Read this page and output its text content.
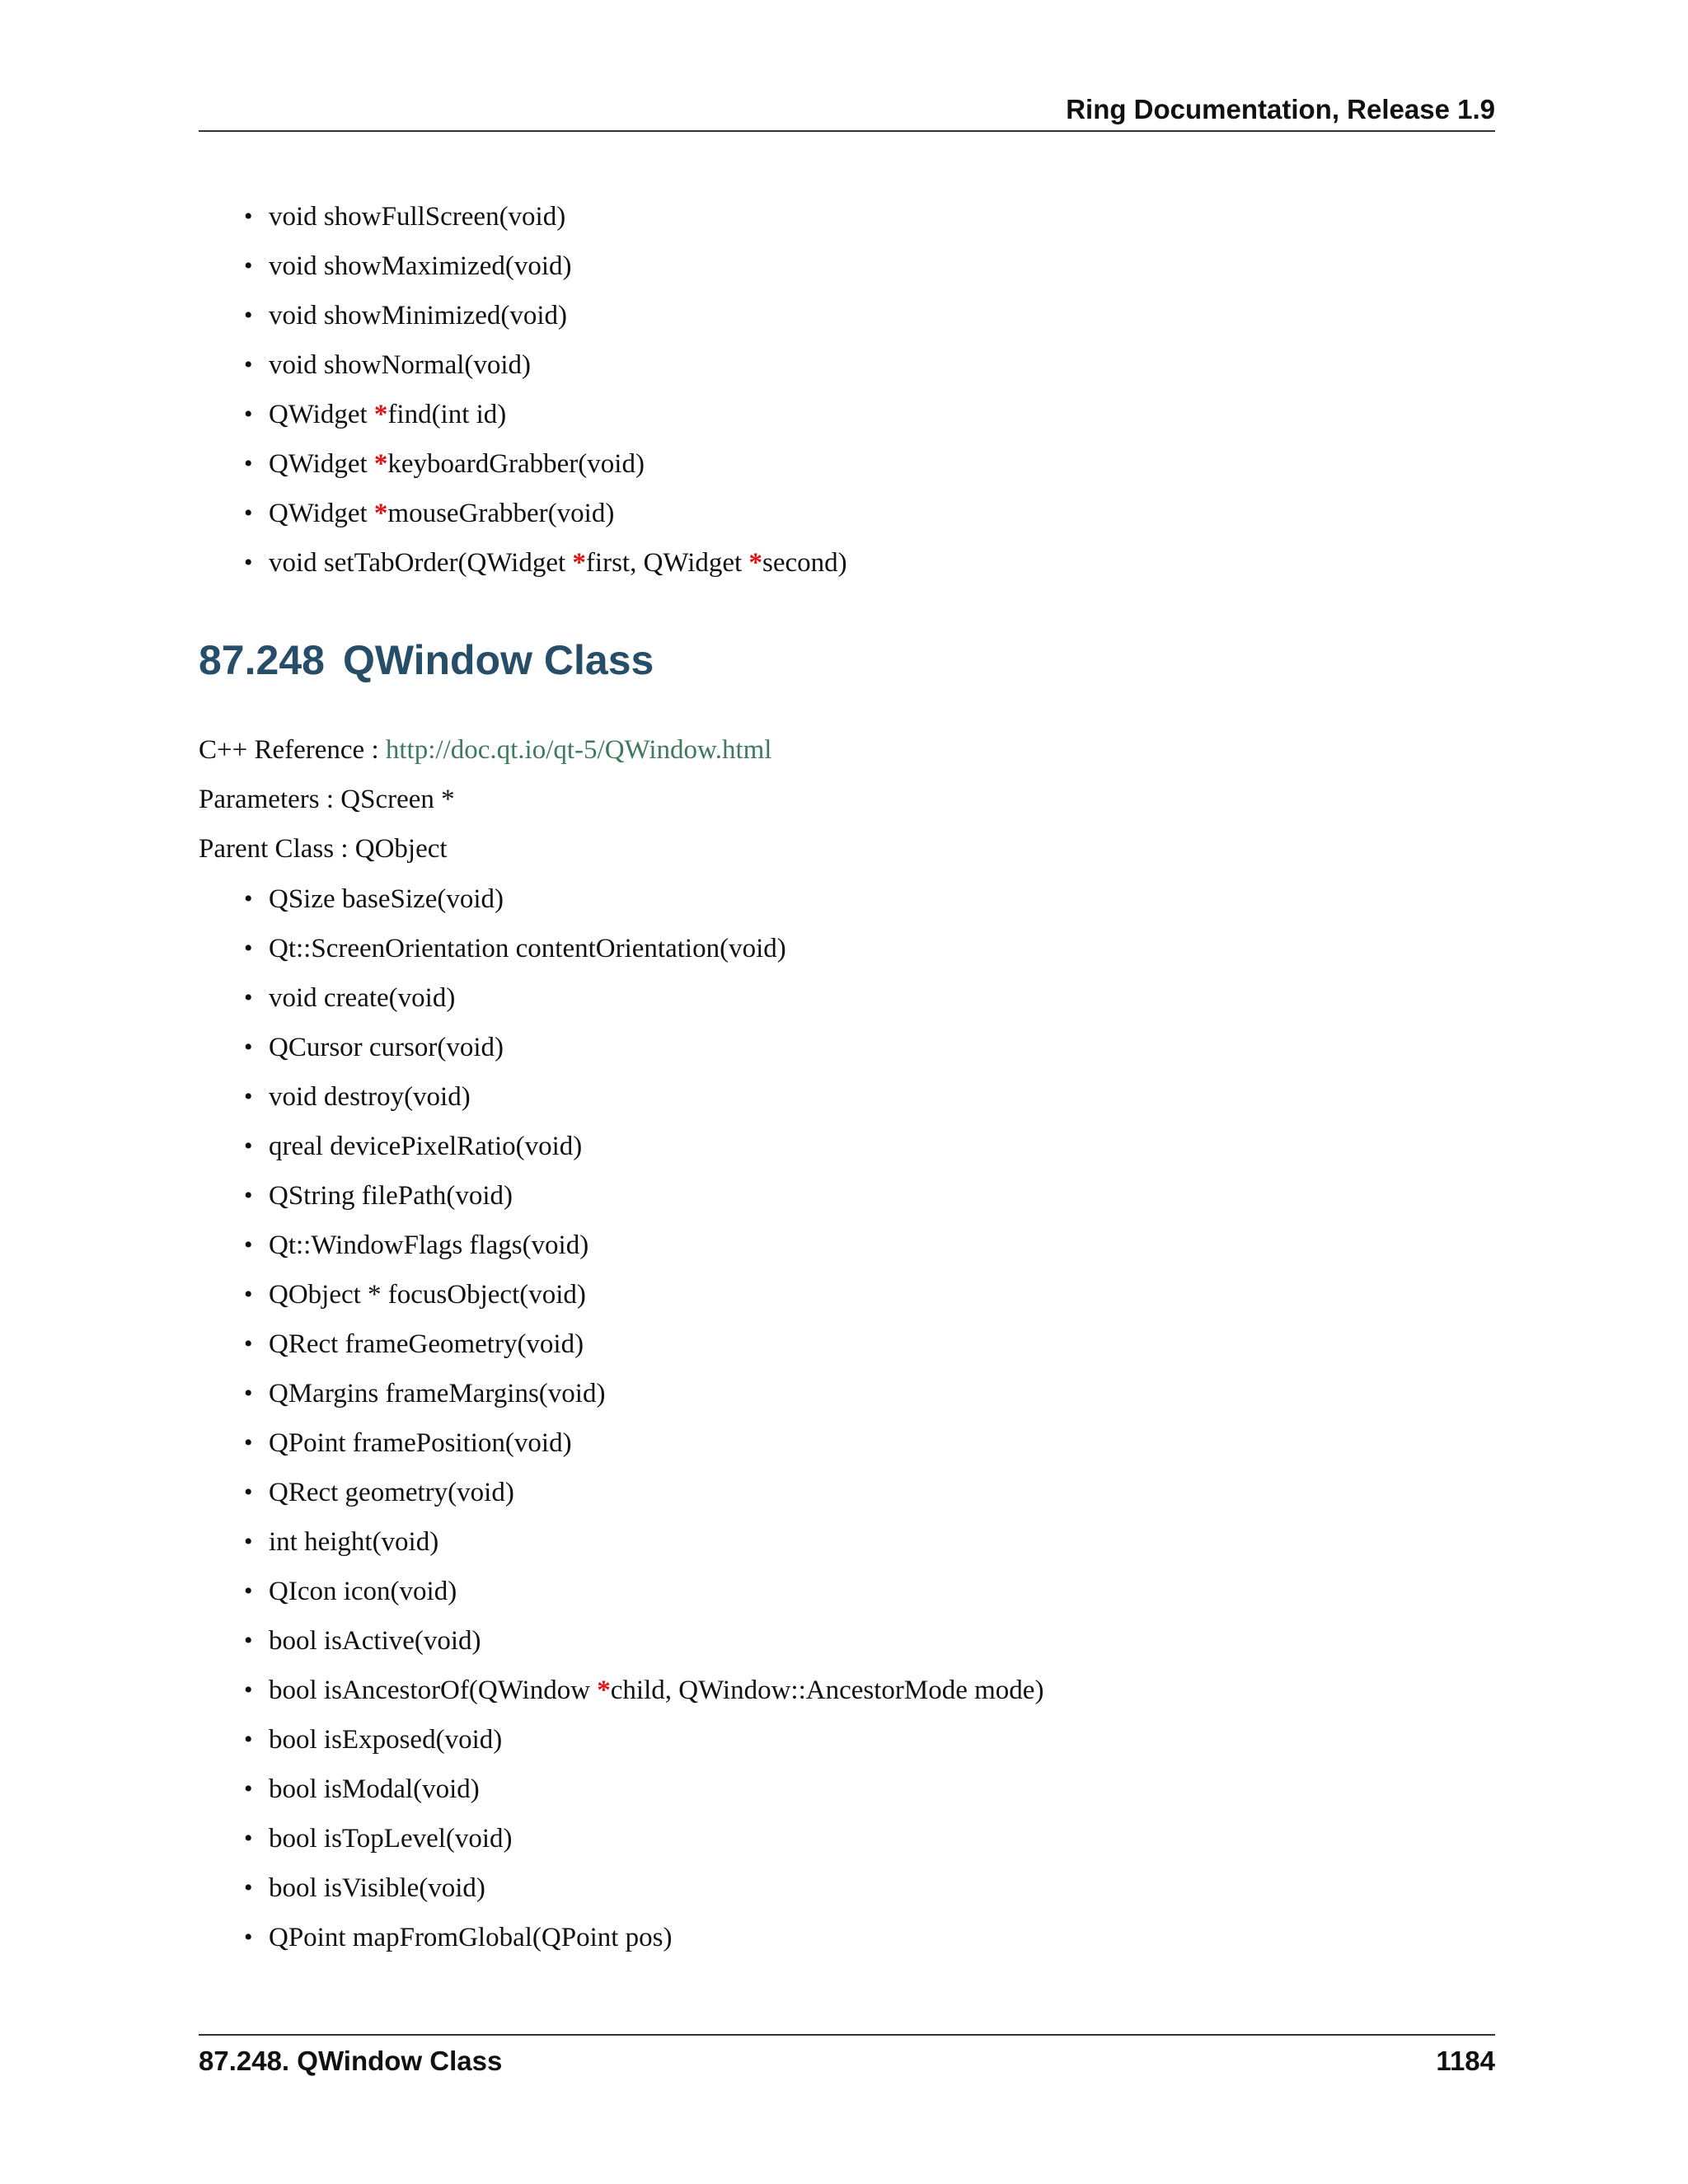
Ring Documentation, Release 1.9
• void showFullScreen(void)
• void showMaximized(void)
• void showMinimized(void)
• void showNormal(void)
• QWidget *find(int id)
• QWidget *keyboardGrabber(void)
• QWidget *mouseGrabber(void)
• void setTabOrder(QWidget *first, QWidget *second)
87.248 QWindow Class
C++ Reference : http://doc.qt.io/qt-5/QWindow.html
Parameters : QScreen *
Parent Class : QObject
• QSize baseSize(void)
• Qt::ScreenOrientation contentOrientation(void)
• void create(void)
• QCursor cursor(void)
• void destroy(void)
• qreal devicePixelRatio(void)
• QString filePath(void)
• Qt::WindowFlags flags(void)
• QObject * focusObject(void)
• QRect frameGeometry(void)
• QMargins frameMargins(void)
• QPoint framePosition(void)
• QRect geometry(void)
• int height(void)
• QIcon icon(void)
• bool isActive(void)
• bool isAncestorOf(QWindow *child, QWindow::AncestorMode mode)
• bool isExposed(void)
• bool isModal(void)
• bool isTopLevel(void)
• bool isVisible(void)
• QPoint mapFromGlobal(QPoint pos)
87.248. QWindow Class	1184
